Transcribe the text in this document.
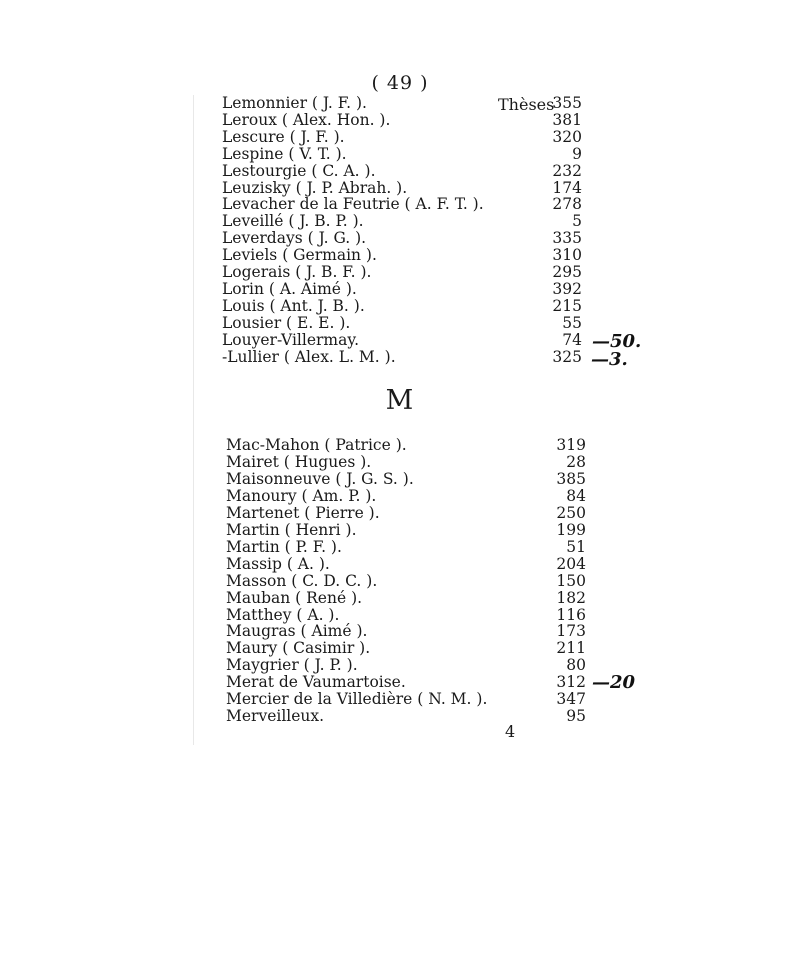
( 49 )
Thèses
Lemonnier ( J. F. ).	355
Leroux ( Alex. Hon. ).	381
Lescure ( J. F. ).	320
Lespine ( V. T. ).	9
Lestourgie ( C. A. ).	232
Leuzisky ( J. P. Abrah. ).	174
Levacher de la Feutrie ( A. F. T. ).	278
Leveillé ( J. B. P. ).	5
Leverdays ( J. G. ).	335
Leviels ( Germain ).	310
Logerais ( J. B. F. ).	295
Lorin ( A. Aimé ).	392
Louis ( Ant. J. B. ).	215
Lousier ( E. E. ).	55
Louyer-Villermay.	74
-Lullier ( Alex. L. M. ).	325
M
Mac-Mahon ( Patrice ).	319
Mairet ( Hugues ).	28
Maisonneuve ( J. G. S. ).	385
Manoury ( Am. P. ).	84
Martenet ( Pierre ).	250
Martin ( Henri ).	199
Martin ( P. F. ).	51
Massip ( A. ).	204
Masson ( C. D. C. ).	150
Mauban ( René ).	182
Matthey ( A. ).	116
Maugras ( Aimé ).	173
Maury ( Casimir ).	211
Maygrier ( J. P. ).	80
Merat de Vaumartoise.	312
Mercier de la Villedière ( N. M. ).	347
Merveilleux.	95
—50.
—3.
—20
4
